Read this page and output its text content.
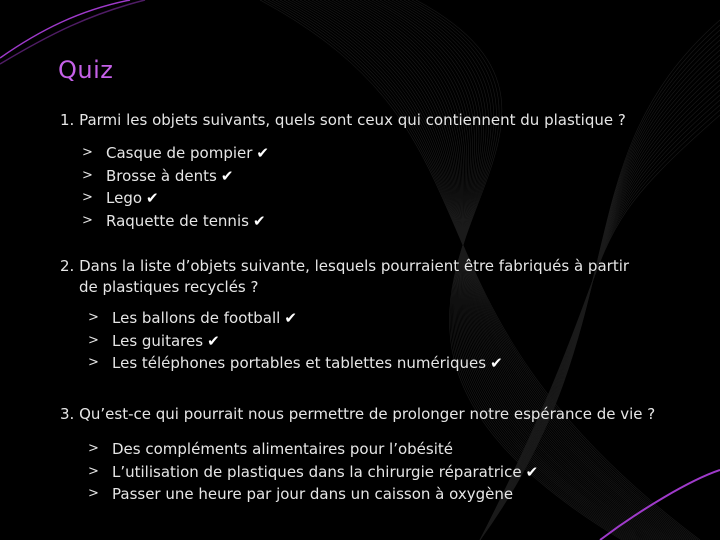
Quiz

1. Parmi les objets suivants, quels sont ceux qui contiennent du plastique ?

> Casque de pompier ✔
> Brosse à dents ✔
> Lego ✔
> Raquette de tennis ✔

2. Dans la liste d’objets suivante, lesquels pourraient être fabriqués à partir
de plastiques recyclés ?

> Les ballons de football ✔
> Les guitares ✔
> Les téléphones portables et tablettes numériques ✔

3. Qu’est-ce qui pourrait nous permettre de prolonger notre espérance de vie ?

> Des compléments alimentaires pour l’obésité
> L’utilisation de plastiques dans la chirurgie réparatrice ✔
> Passer une heure par jour dans un caisson à oxygène
